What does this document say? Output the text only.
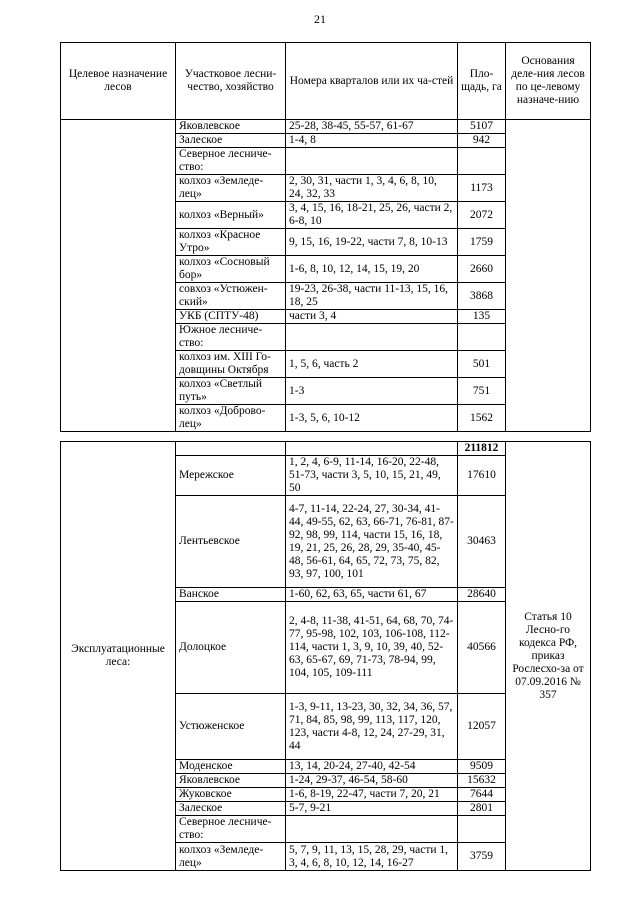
21
Целевое назначение лесов	Участковое лесни-чество, хозяйство	Номера кварталов или их ча-стей	Пло-щадь, га	Основания деле-ния лесов по це-левому назначе-нию
	Яковлевское	25-28, 38-45, 55-57, 61-67	5107	
	Залеское	1-4, 8	942	
	Северное лесниче-ство:			
	колхоз «Земледе-лец»	2, 30, 31, части 1, 3, 4, 6, 8, 10, 24, 32, 33	1173	
	колхоз «Верный»	3, 4, 15, 16, 18-21, 25, 26, части 2, 6-8, 10	2072	
	колхоз «Красное Утро»	9, 15, 16, 19-22, части 7, 8, 10-13	1759	
	колхоз «Сосновый бор»	1-6, 8, 10, 12, 14, 15, 19, 20	2660	
	совхоз «Устюжен-ский»	19-23, 26-38, части 11-13, 15, 16, 18, 25	3868	
	УКБ (СПТУ-48)	части 3, 4	135	
	Южное лесниче-ство:			
	колхоз им. XIII Го-довщины Октября	1, 5, 6, часть 2	501	
	колхоз «Светлый путь»	1-3	751	
	колхоз «Доброво-лец»	1-3, 5, 6, 10-12	1562	
Эксплуатационные леса:			211812	Статья 10 Лесно-го кодекса РФ, приказ Рослесхо-за от 07.09.2016 № 357
	Мережское	1, 2, 4, 6-9, 11-14, 16-20, 22-48, 51-73, части 3, 5, 10, 15, 21, 49, 50	17610	
	Лентьевское	4-7, 11-14, 22-24, 27, 30-34, 41-44, 49-55, 62, 63, 66-71, 76-81, 87-92, 98, 99, 114, части 15, 16, 18, 19, 21, 25, 26, 28, 29, 35-40, 45-48, 56-61, 64, 65, 72, 73, 75, 82, 93, 97, 100, 101	30463	
	Ванское	1-60, 62, 63, 65, части 61, 67	28640	
	Долоцкое	2, 4-8, 11-38, 41-51, 64, 68, 70, 74-77, 95-98, 102, 103, 106-108, 112-114, части 1, 3, 9, 10, 39, 40, 52-63, 65-67, 69, 71-73, 78-94, 99, 104, 105, 109-111	40566	
	Устюженское	1-3, 9-11, 13-23, 30, 32, 34, 36, 57, 71, 84, 85, 98, 99, 113, 117, 120, 123, части 4-8, 12, 24, 27-29, 31, 44	12057	
	Моденское	13, 14, 20-24, 27-40, 42-54	9509	
	Яковлевское	1-24, 29-37, 46-54, 58-60	15632	
	Жуковское	1-6, 8-19, 22-47, части 7, 20, 21	7644	
	Залеское	5-7, 9-21	2801	
	Северное лесниче-ство:			
	колхоз «Земледе-лец»	5, 7, 9, 11, 13, 15, 28, 29, части 1, 3, 4, 6, 8, 10, 12, 14, 16-27	3759	
